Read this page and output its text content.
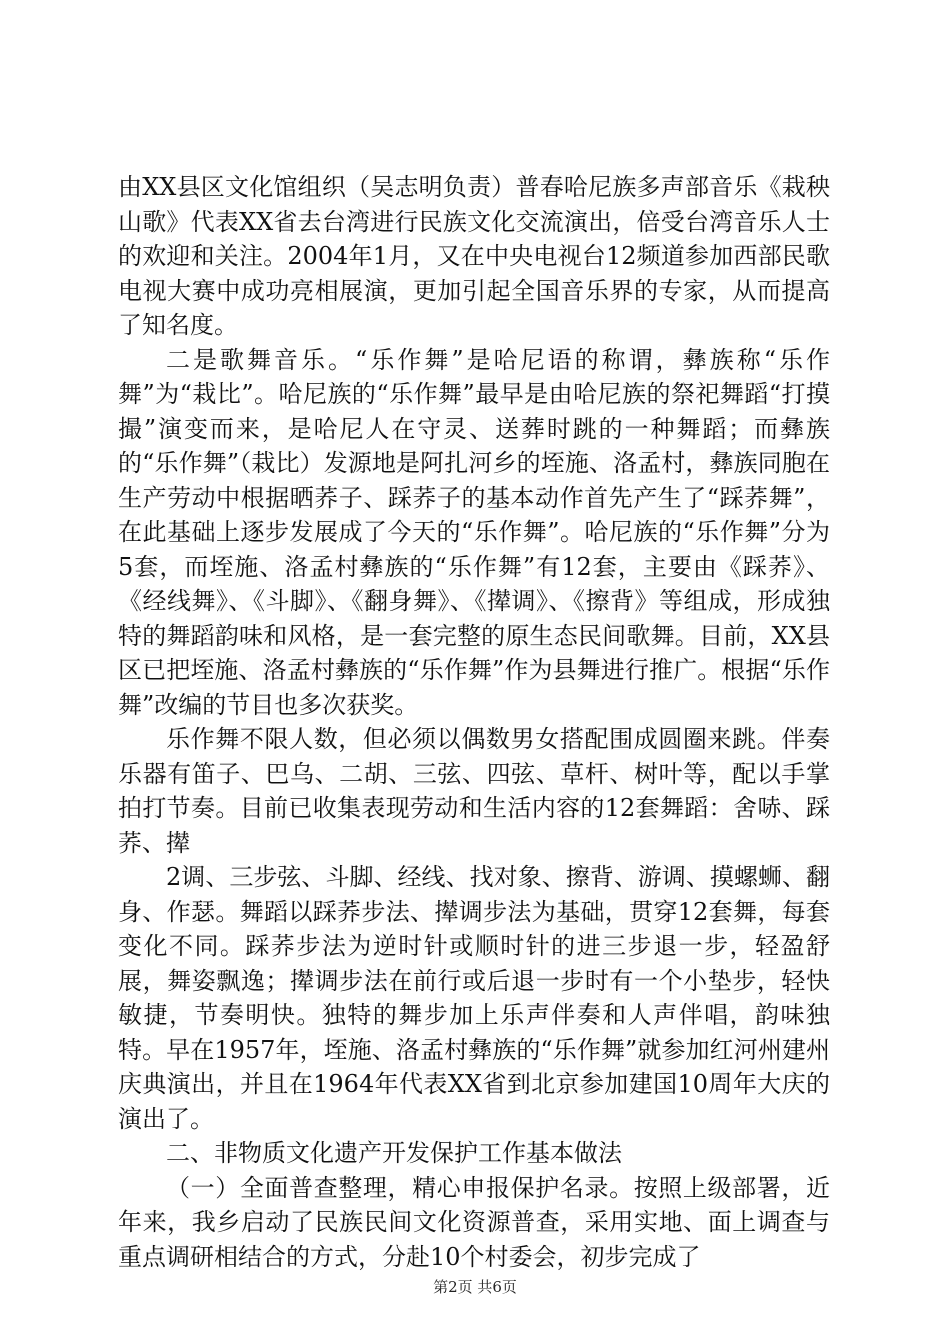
由XX县区文化馆组织（吴志明负责）普春哈尼族多声部音乐《栽秧山歌》代表XX省去台湾进行民族文化交流演出，倍受台湾音乐人士的欢迎和关注。2004年1月，又在中央电视台12频道参加西部民歌电视大赛中成功亮相展演，更加引起全国音乐界的专家，从而提高了知名度。

二是歌舞音乐。“乐作舞”是哈尼语的称谓，彝族称“乐作舞”为“栽比”。哈尼族的“乐作舞”最早是由哈尼族的祭祀舞蹈“打摸撮”演变而来，是哈尼人在守灵、送葬时跳的一种舞蹈；而彝族的“乐作舞”（栽比）发源地是阿扎河乡的垤施、洛孟村，彝族同胞在生产劳动中根据晒荞子、踩荞子的基本动作首先产生了“踩荞舞”，在此基础上逐步发展成了今天的“乐作舞”。哈尼族的“乐作舞”分为5套，而垤施、洛孟村彝族的“乐作舞”有12套，主要由《踩荞》、《经线舞》、《斗脚》、《翻身舞》、《撵调》、《擦背》等组成，形成独特的舞蹈韵味和风格，是一套完整的原生态民间歌舞。目前，XX县区已把垤施、洛孟村彝族的“乐作舞”作为县舞进行推广。根据“乐作舞”改编的节目也多次获奖。

乐作舞不限人数，但必须以偶数男女搭配围成圆圈来跳。伴奏乐器有笛子、巴乌、二胡、三弦、四弦、草杆、树叶等，配以手掌拍打节奏。目前已收集表现劳动和生活内容的12套舞蹈：舍哧、踩荞、撵

2调、三步弦、斗脚、经线、找对象、擦背、游调、摸螺蛳、翻身、作瑟。舞蹈以踩荞步法、撵调步法为基础，贯穿12套舞，每套变化不同。踩荞步法为逆时针或顺时针的进三步退一步，轻盈舒展，舞姿飘逸；撵调步法在前行或后退一步时有一个小垫步，轻快敏捷，节奏明快。独特的舞步加上乐声伴奏和人声伴唱，韵味独特。早在1957年，垤施、洛孟村彝族的“乐作舞”就参加红河州建州庆典演出，并且在1964年代表XX省到北京参加建国10周年大庆的演出了。

二、非物质文化遗产开发保护工作基本做法

（一）全面普查整理，精心申报保护名录。按照上级部署，近年来，我乡启动了民族民间文化资源普查，采用实地、面上调查与重点调研相结合的方式，分赴10个村委会，初步完成了

第2页 共6页
